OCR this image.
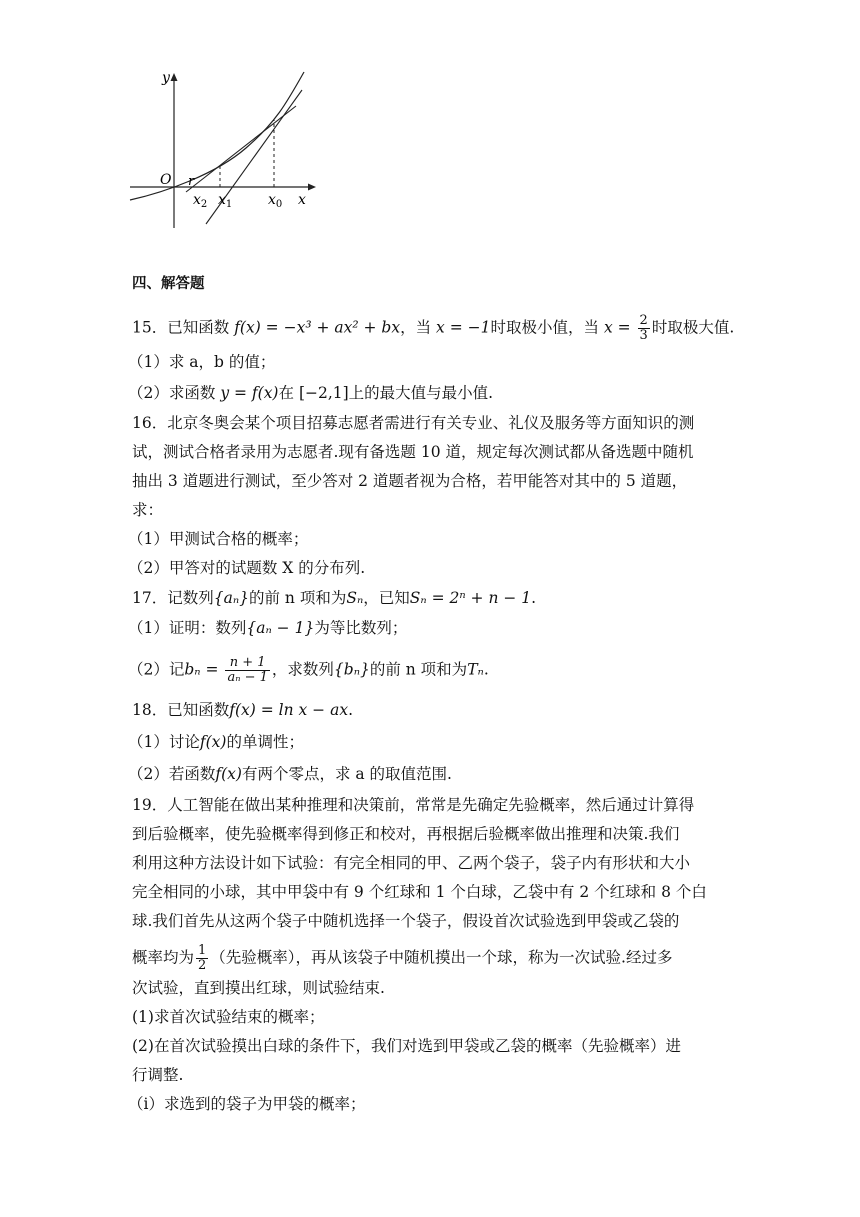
y
O r
$x_2$ $x_1$	$x_0$ x
四、解答题
15．已知函数 f(x) = −x³ + ax² + bx，当 x = −1时取极小值，当 $x = \frac{2}{3}$ 时取极大值.
（1）求 a，b 的值；
（2）求函数 y = f(x)在 [−2,1]上的最大值与最小值.
16．北京冬奥会某个项目招募志愿者需进行有关专业、礼仪及服务等方面知识的测
试，测试合格者录用为志愿者.现有备选题 10 道，规定每次测试都从备选题中随机
抽出 3 道题进行测试，至少答对 2 道题者视为合格，若甲能答对其中的 5 道题，
求：
（1）甲测试合格的概率；
（2）甲答对的试题数 X 的分布列.
17．记数列{aₙ}的前 n 项和为Sₙ，已知Sₙ = 2ⁿ + n − 1.
（1）证明：数列{aₙ − 1}为等比数列；
（2）记$b_n = \frac{n + 1}{\text{aₙ − 1}}$ ，求数列{bₙ}的前 n 项和为Tₙ.
18．已知函数f(x) = ln x − ax.
（1）讨论f(x)的单调性；
（2）若函数f(x)有两个零点，求 a 的取值范围.
19．人工智能在做出某种推理和决策前，常常是先确定先验概率，然后通过计算得
到后验概率，使先验概率得到修正和校对，再根据后验概率做出推理和决策.我们
利用这种方法设计如下试验：有完全相同的甲、乙两个袋子，袋子内有形状和大小
完全相同的小球，其中甲袋中有 9 个红球和 1 个白球，乙袋中有 2 个红球和 8 个白
球.我们首先从这两个袋子中随机选择一个袋子，假设首次试验选到甲袋或乙袋的
概率均为 $\frac{1}{2}$ （先验概率），再从该袋子中随机摸出一个球，称为一次试验.经过多
次试验，直到摸出红球，则试验结束.
(1)求首次试验结束的概率；
(2)在首次试验摸出白球的条件下，我们对选到甲袋或乙袋的概率（先验概率）进
行调整.
（i）求选到的袋子为甲袋的概率；
